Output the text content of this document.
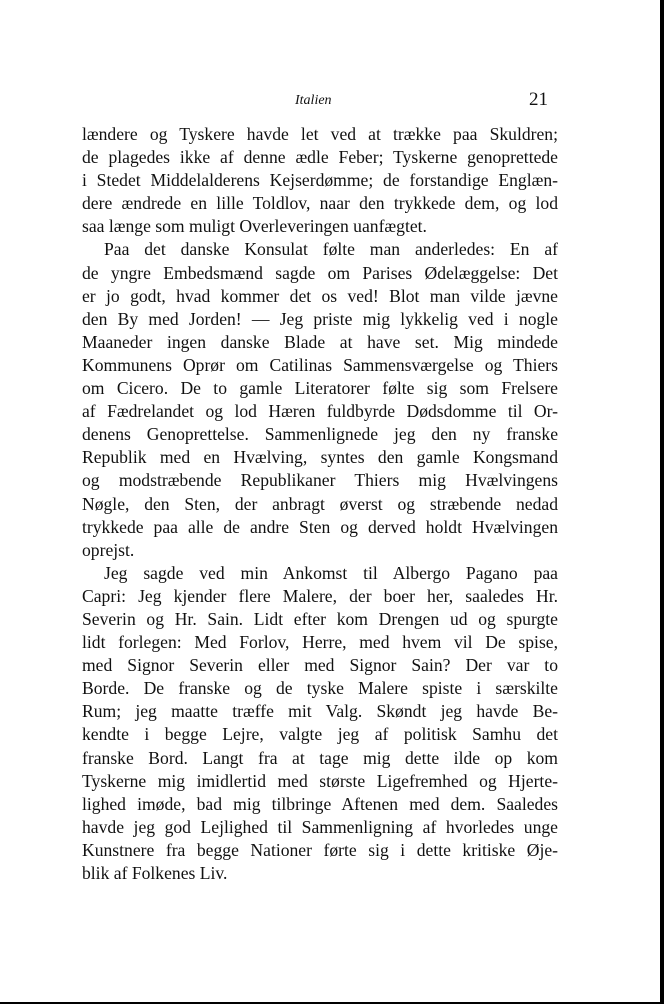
Italien	21
lændere og Tyskere havde let ved at trække paa Skuldren;
de plagedes ikke af denne ædle Feber; Tyskerne genoprettede
i Stedet Middelalderens Kejserdømme; de forstandige Englæn-
dere ændrede en lille Toldlov, naar den trykkede dem, og lod
saa længe som muligt Overleveringen uanfægtet.
Paa det danske Konsulat følte man anderledes: En af
de yngre Embedsmænd sagde om Parises Ødelæggelse: Det
er jo godt, hvad kommer det os ved! Blot man vilde jævne
den By med Jorden! — Jeg priste mig lykkelig ved i nogle
Maaneder ingen danske Blade at have set. Mig mindede
Kommunens Oprør om Catilinas Sammensværgelse og Thiers
om Cicero. De to gamle Literatorer følte sig som Frelsere
af Fædrelandet og lod Hæren fuldbyrde Dødsdomme til Or-
denens Genoprettelse. Sammenlignede jeg den ny franske
Republik med en Hvælving, syntes den gamle Kongsmand
og modstræbende Republikaner Thiers mig Hvælvingens
Nøgle, den Sten, der anbragt øverst og stræbende nedad
trykkede paa alle de andre Sten og derved holdt Hvælvingen
oprejst.
Jeg sagde ved min Ankomst til Albergo Pagano paa
Capri: Jeg kjender flere Malere, der boer her, saaledes Hr.
Severin og Hr. Sain. Lidt efter kom Drengen ud og spurgte
lidt forlegen: Med Forlov, Herre, med hvem vil De spise,
med Signor Severin eller med Signor Sain? Der var to
Borde. De franske og de tyske Malere spiste i særskilte
Rum; jeg maatte træffe mit Valg. Skøndt jeg havde Be-
kendte i begge Lejre, valgte jeg af politisk Samhu det
franske Bord. Langt fra at tage mig dette ilde op kom
Tyskerne mig imidlertid med største Ligefremhed og Hjerte-
lighed imøde, bad mig tilbringe Aftenen med dem. Saaledes
havde jeg god Lejlighed til Sammenligning af hvorledes unge
Kunstnere fra begge Nationer førte sig i dette kritiske Øje-
blik af Folkenes Liv.
